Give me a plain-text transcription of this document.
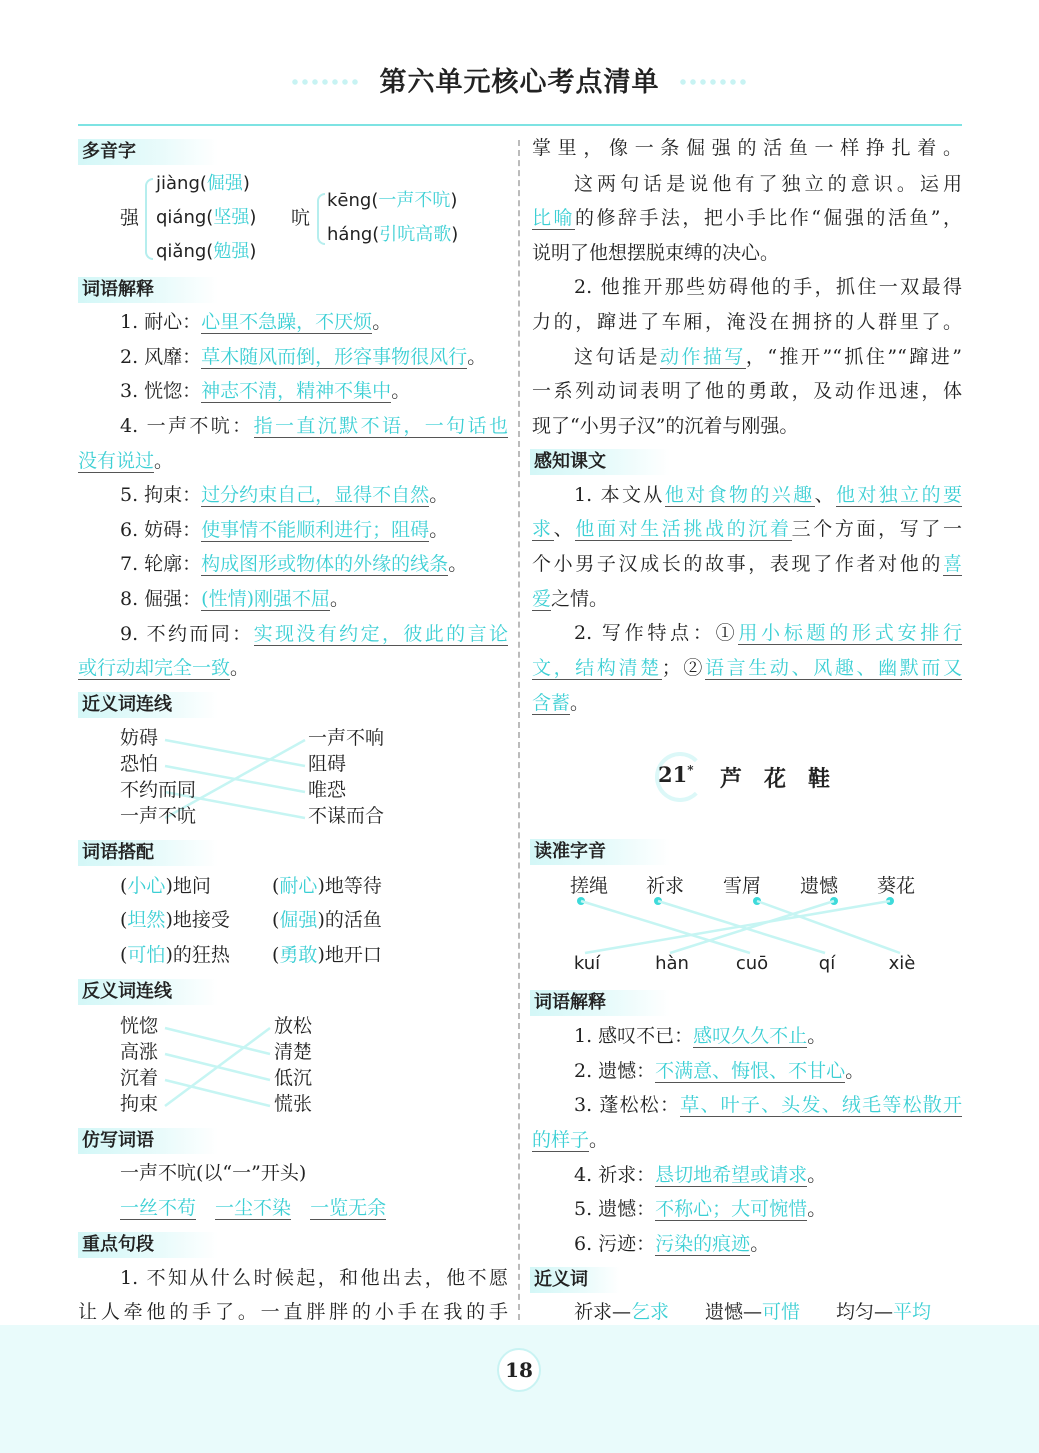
18
第六单元核心考点清单
多音字
强
jiàng(倔强)
qiáng(坚强)
qiǎng(勉强)
吭
kēng(一声不吭)
háng(引吭高歌)
词语解释
1. 耐心：心里不急躁，不厌烦。
2. 风靡：草木随风而倒，形容事物很风行。
3. 恍惚：神志不清，精神不集中。
4. 一声不吭：指一直沉默不语，一句话也
没有说过。
5. 拘束：过分约束自己，显得不自然。
6. 妨碍：使事情不能顺利进行；阻碍。
7. 轮廓：构成图形或物体的外缘的线条。
8. 倔强：(性情)刚强不屈。
9. 不约而同：实现没有约定，彼此的言论
或行动却完全一致。
近义词连线
妨碍
恐怕
不约而同
一声不吭
一声不响
阻碍
唯恐
不谋而合
词语搭配
(小心)地问	(耐心)地等待
(坦然)地接受 (倔强)的活鱼
(可怕)的狂热 (勇敢)地开口
反义词连线
恍惚
高涨
沉着
拘束
放松
清楚
低沉
慌张
仿写词语
一声不吭(以“一”开头)
一丝不苟　 一尘不染　 一览无余
重点句段
1. 不知从什么时候起，和他出去，他不愿
让人牵他的手了。一直胖胖的小手在我的手
掌里，像一条倔强的活鱼一样挣扎着。
这两句话是说他有了独立的意识。运用
比喻的修辞手法，把小手比作“倔强的活鱼”，
说明了他想摆脱束缚的决心。
2. 他推开那些妨碍他的手，抓住一双最得
力的，蹿进了车厢，淹没在拥挤的人群里了。
这句话是动作描写，“推开”“抓住”“蹿进”
一系列动词表明了他的勇敢，及动作迅速，体
现了“小男子汉”的沉着与刚强。
感知课文
1. 本文从他对食物的兴趣、他对独立的要
求、他面对生活挑战的沉着三个方面，写了一
个小男子汉成长的故事，表现了作者对他的喜
爱之情。
2. 写作特点：①用小标题的形式安排行
文，结构清楚；②语言生动、风趣、幽默而又
含蓄。
21* 芦　花　鞋
读准字音
搓绳 祈求 雪屑 遗憾 葵花
kuí	hàn	cuō	qí	xiè
词语解释
1. 感叹不已：感叹久久不止。
2. 遗憾：不满意、悔恨、不甘心。
3. 蓬松松：草、叶子、头发、绒毛等松散开
的样子。
4. 祈求：恳切地希望或请求。
5. 遗憾：不称心；大可惋惜。
6. 污迹：污染的痕迹。
近义词
祈求—乞求 遗憾—可惜 均匀—平均
